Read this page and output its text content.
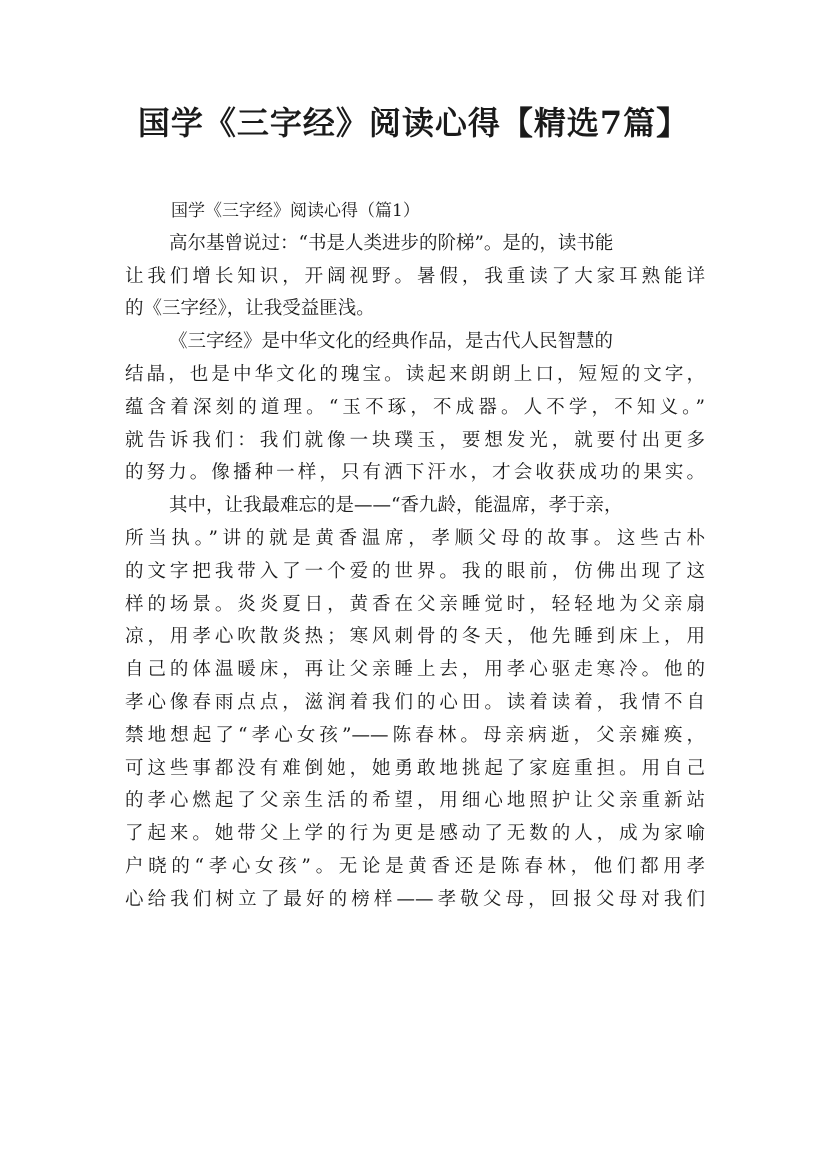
国学《三字经》阅读心得【精选7篇】
国学《三字经》阅读心得（篇1）
高尔基曾说过：“书是人类进步的阶梯”。是的，读书能
让我们增长知识，开阔视野。暑假，我重读了大家耳熟能详
的《三字经》，让我受益匪浅。
《三字经》是中华文化的经典作品，是古代人民智慧的
结晶，也是中华文化的瑰宝。读起来朗朗上口，短短的文字，
蕴含着深刻的道理。“玉不琢，不成器。人不学，不知义。”
就告诉我们：我们就像一块璞玉，要想发光，就要付出更多
的努力。像播种一样，只有洒下汗水，才会收获成功的果实。
其中，让我最难忘的是——“香九龄，能温席，孝于亲，
所当执。”讲的就是黄香温席，孝顺父母的故事。这些古朴
的文字把我带入了一个爱的世界。我的眼前，仿佛出现了这
样的场景。炎炎夏日，黄香在父亲睡觉时，轻轻地为父亲扇
凉，用孝心吹散炎热；寒风刺骨的冬天，他先睡到床上，用
自己的体温暖床，再让父亲睡上去，用孝心驱走寒冷。他的
孝心像春雨点点，滋润着我们的心田。读着读着，我情不自
禁地想起了“孝心女孩”——陈春林。母亲病逝，父亲瘫痪，
可这些事都没有难倒她，她勇敢地挑起了家庭重担。用自己
的孝心燃起了父亲生活的希望，用细心地照护让父亲重新站
了起来。她带父上学的行为更是感动了无数的人，成为家喻
户晓的“孝心女孩”。无论是黄香还是陈春林，他们都用孝
心给我们树立了最好的榜样——孝敬父母，回报父母对我们
